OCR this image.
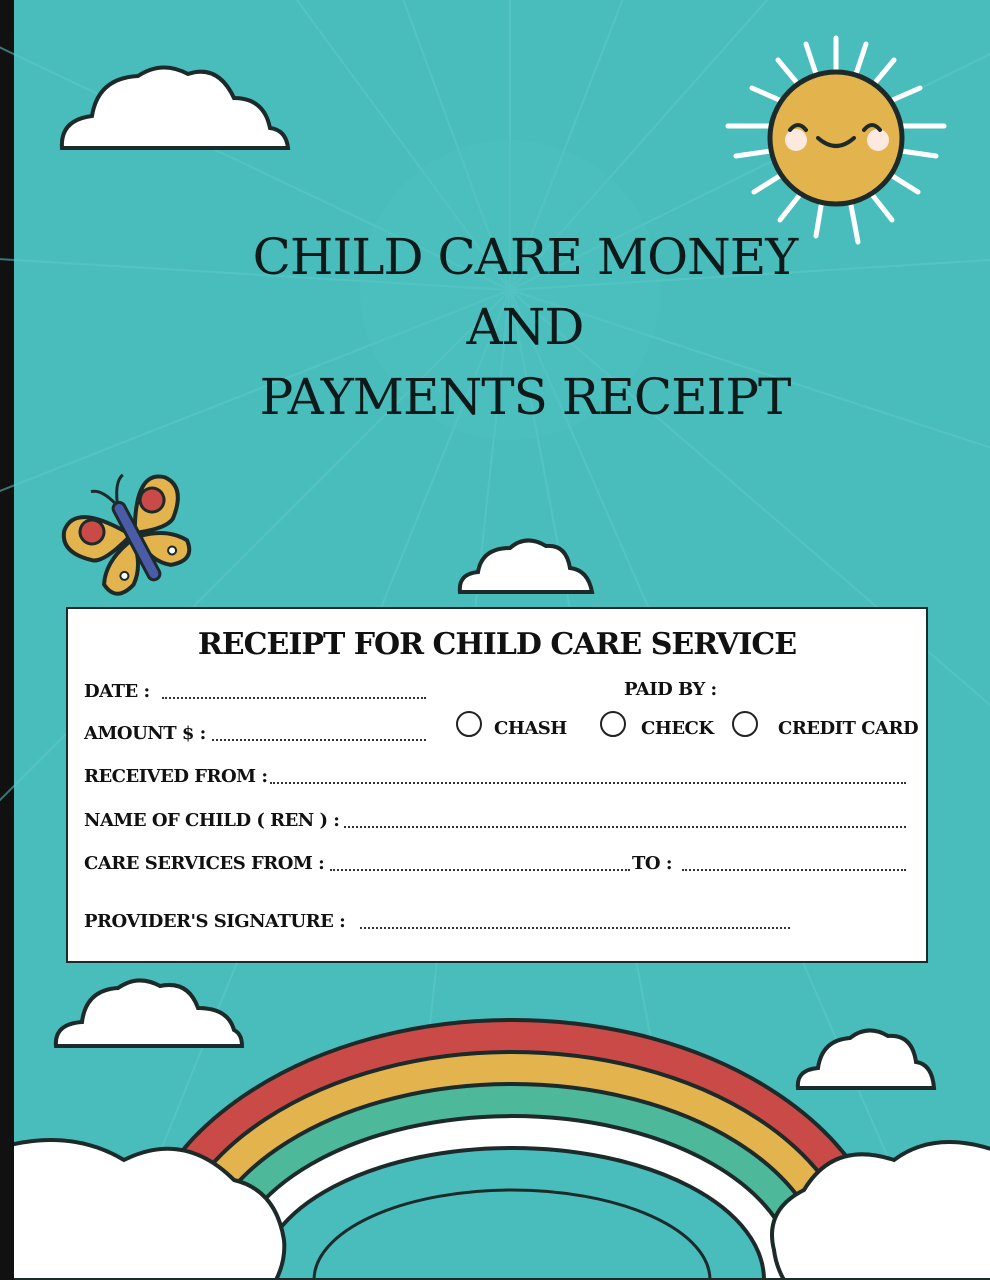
CHILD CARE MONEY
AND
PAYMENTS RECEIPT
RECEIPT FOR CHILD CARE SERVICE
DATE :	PAID BY :
AMOUNT $ :	CHASH	CHECK	CREDIT CARD
RECEIVED FROM :
NAME OF CHILD ( REN ) :
CARE SERVICES FROM :	TO :
PROVIDER'S SIGNATURE :
